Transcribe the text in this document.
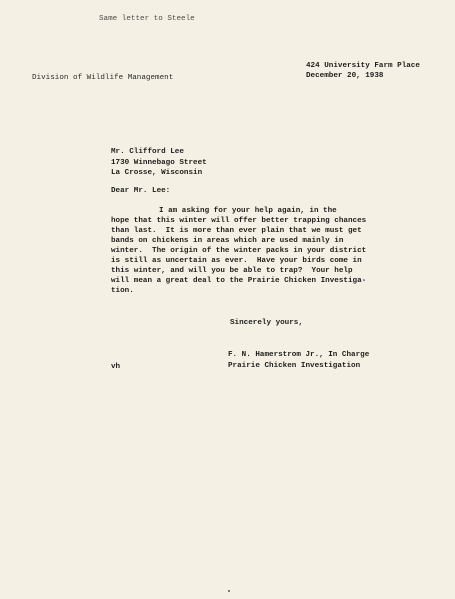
Same letter to Steele
Division of Wildlife Management
424 University Farm Place
December 20, 1938
Mr. Clifford Lee
1730 Winnebago Street
La Crosse, Wisconsin
Dear Mr. Lee:
I am asking for your help again, in the
hope that this winter will offer better trapping chances
than last.  It is more than ever plain that we must get
bands on chickens in areas which are used mainly in
winter.  The origin of the winter packs in your district
is still as uncertain as ever.  Have your birds come in
this winter, and will you be able to trap?  Your help
will mean a great deal to the Prairie Chicken Investiga-
tion.
Sincerely yours,
vh
F. N. Hamerstrom Jr., In Charge
Prairie Chicken Investigation
